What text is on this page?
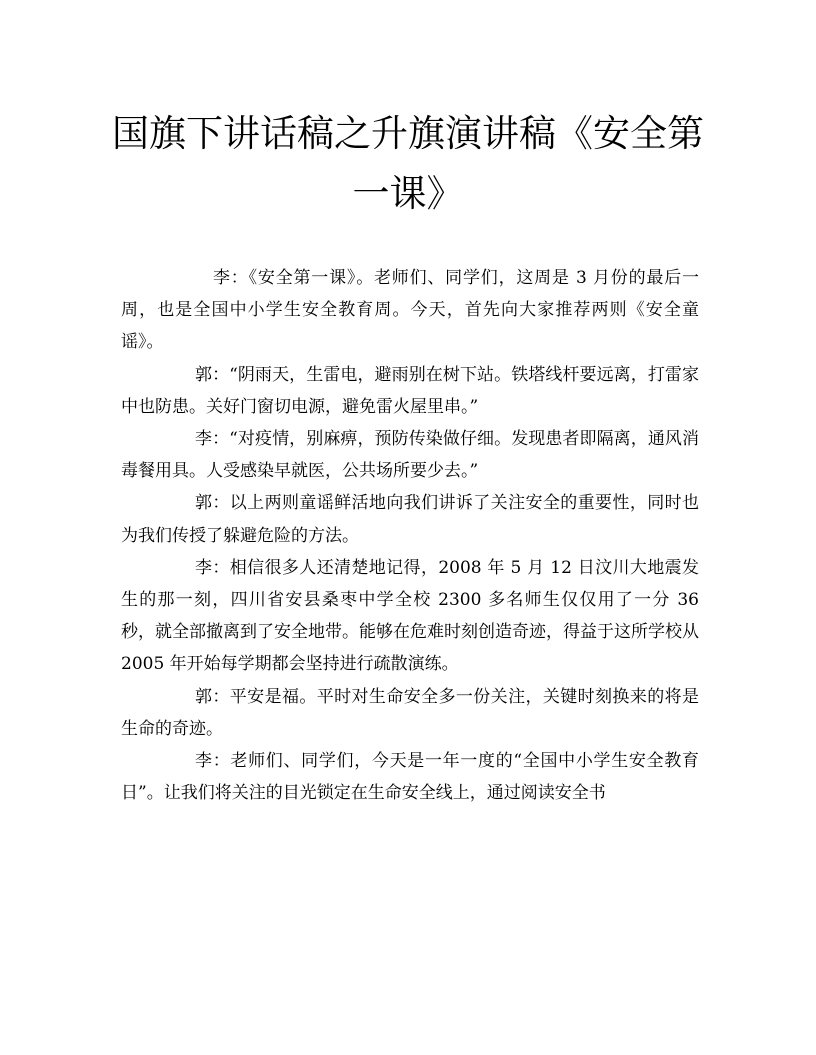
国旗下讲话稿之升旗演讲稿《安全第一课》

李：《安全第一课》。老师们、同学们，这周是 3 月份的最后一周，也是全国中小学生安全教育周。今天，首先向大家推荐两则《安全童谣》。

郭：“阴雨天，生雷电，避雨别在树下站。铁塔线杆要远离，打雷家中也防患。关好门窗切电源，避免雷火屋里串。”

李：“对疫情，别麻痹，预防传染做仔细。发现患者即隔离，通风消毒餐用具。人受感染早就医，公共场所要少去。”

郭：以上两则童谣鲜活地向我们讲诉了关注安全的重要性，同时也为我们传授了躲避危险的方法。

李：相信很多人还清楚地记得，2008 年 5 月 12 日汶川大地震发生的那一刻，四川省安县桑枣中学全校 2300 多名师生仅仅用了一分 36 秒，就全部撤离到了安全地带。能够在危难时刻创造奇迹，得益于这所学校从 2005 年开始每学期都会坚持进行疏散演练。

郭：平安是福。平时对生命安全多一份关注，关键时刻换来的将是生命的奇迹。

李：老师们、同学们，今天是一年一度的“全国中小学生安全教育日”。让我们将关注的目光锁定在生命安全线上，通过阅读安全书
